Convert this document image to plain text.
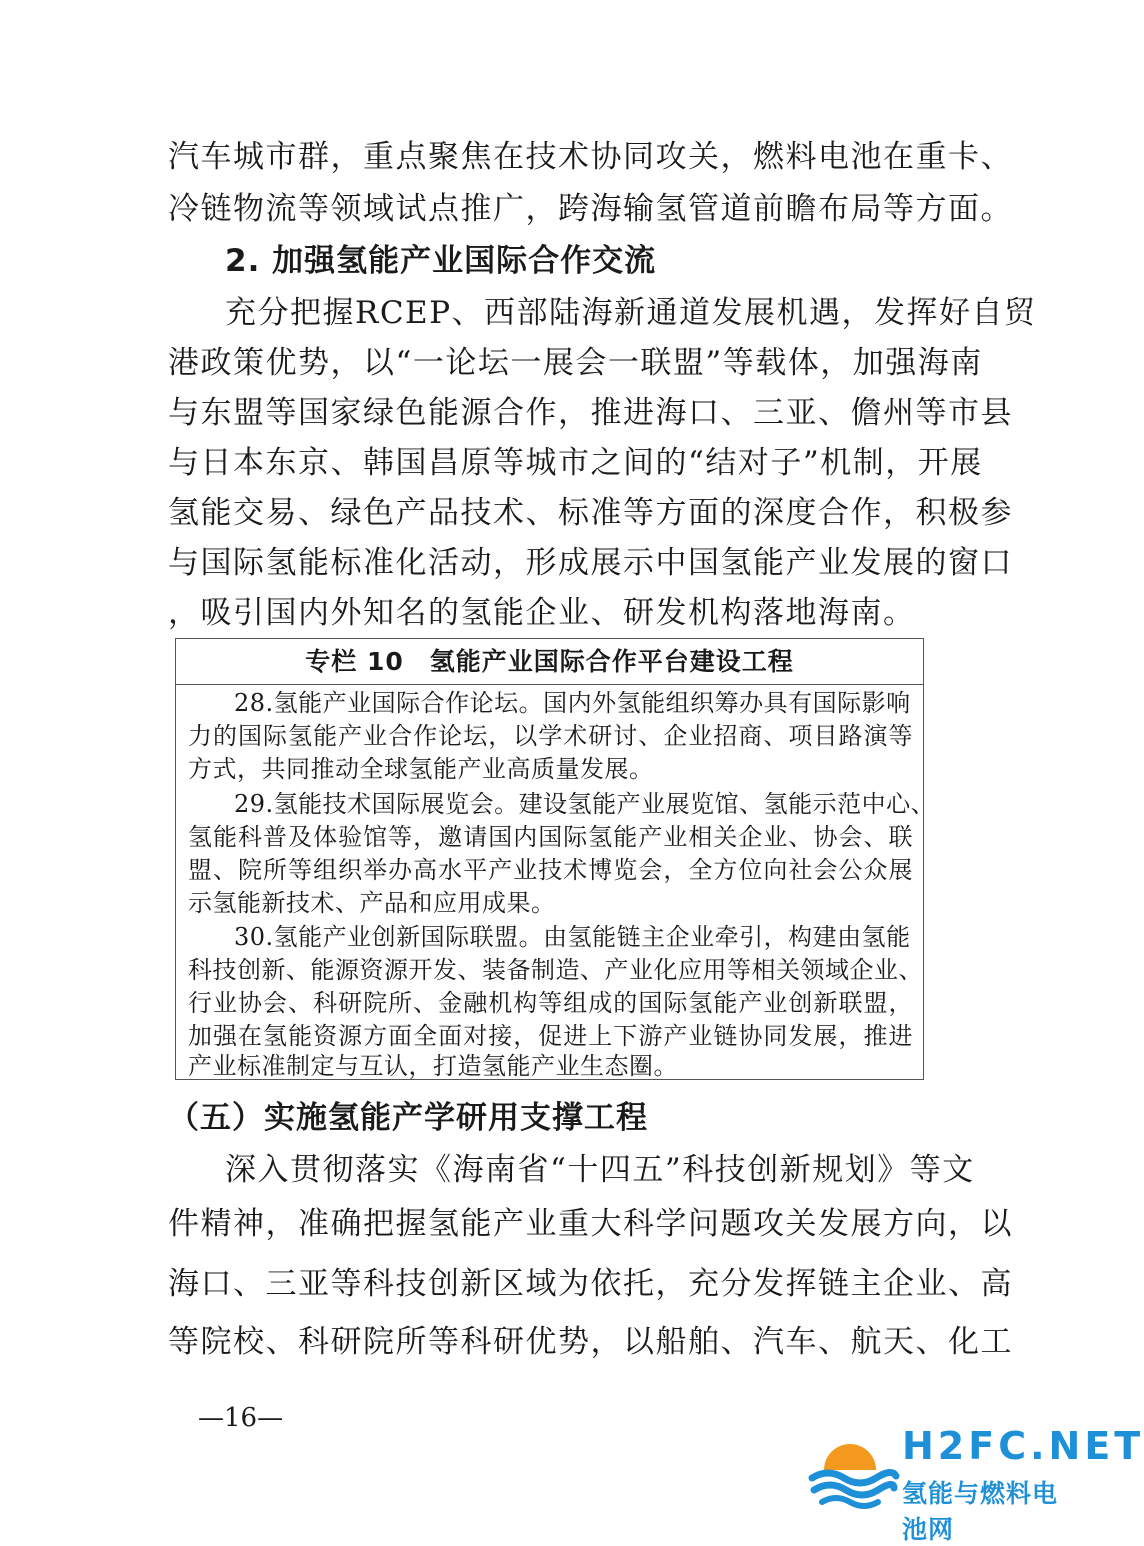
汽车城市群，重点聚焦在技术协同攻关，燃料电池在重卡、
冷链物流等领域试点推广，跨海输氢管道前瞻布局等方面。
2. 加强氢能产业国际合作交流
充分把握RCEP、西部陆海新通道发展机遇，发挥好自贸
港政策优势，以“一论坛一展会一联盟”等载体，加强海南
与东盟等国家绿色能源合作，推进海口、三亚、儋州等市县
与日本东京、韩国昌原等城市之间的“结对子”机制，开展
氢能交易、绿色产品技术、标准等方面的深度合作，积极参
与国际氢能标准化活动，形成展示中国氢能产业发展的窗口
，吸引国内外知名的氢能企业、研发机构落地海南。
专栏 10　氢能产业国际合作平台建设工程
28.氢能产业国际合作论坛。国内外氢能组织筹办具有国际影响
力的国际氢能产业合作论坛，以学术研讨、企业招商、项目路演等
方式，共同推动全球氢能产业高质量发展。
29.氢能技术国际展览会。建设氢能产业展览馆、氢能示范中心、
氢能科普及体验馆等，邀请国内国际氢能产业相关企业、协会、联
盟、院所等组织举办高水平产业技术博览会，全方位向社会公众展
示氢能新技术、产品和应用成果。
30.氢能产业创新国际联盟。由氢能链主企业牵引，构建由氢能
科技创新、能源资源开发、装备制造、产业化应用等相关领域企业、
行业协会、科研院所、金融机构等组成的国际氢能产业创新联盟，
加强在氢能资源方面全面对接，促进上下游产业链协同发展，推进
产业标准制定与互认，打造氢能产业生态圈。
（五）实施氢能产学研用支撑工程
深入贯彻落实《海南省“十四五”科技创新规划》等文
件精神，准确把握氢能产业重大科学问题攻关发展方向，以
海口、三亚等科技创新区域为依托，充分发挥链主企业、高
等院校、科研院所等科研优势，以船舶、汽车、航天、化工
—16—
H2FC.NET
氢能与燃料电池网
